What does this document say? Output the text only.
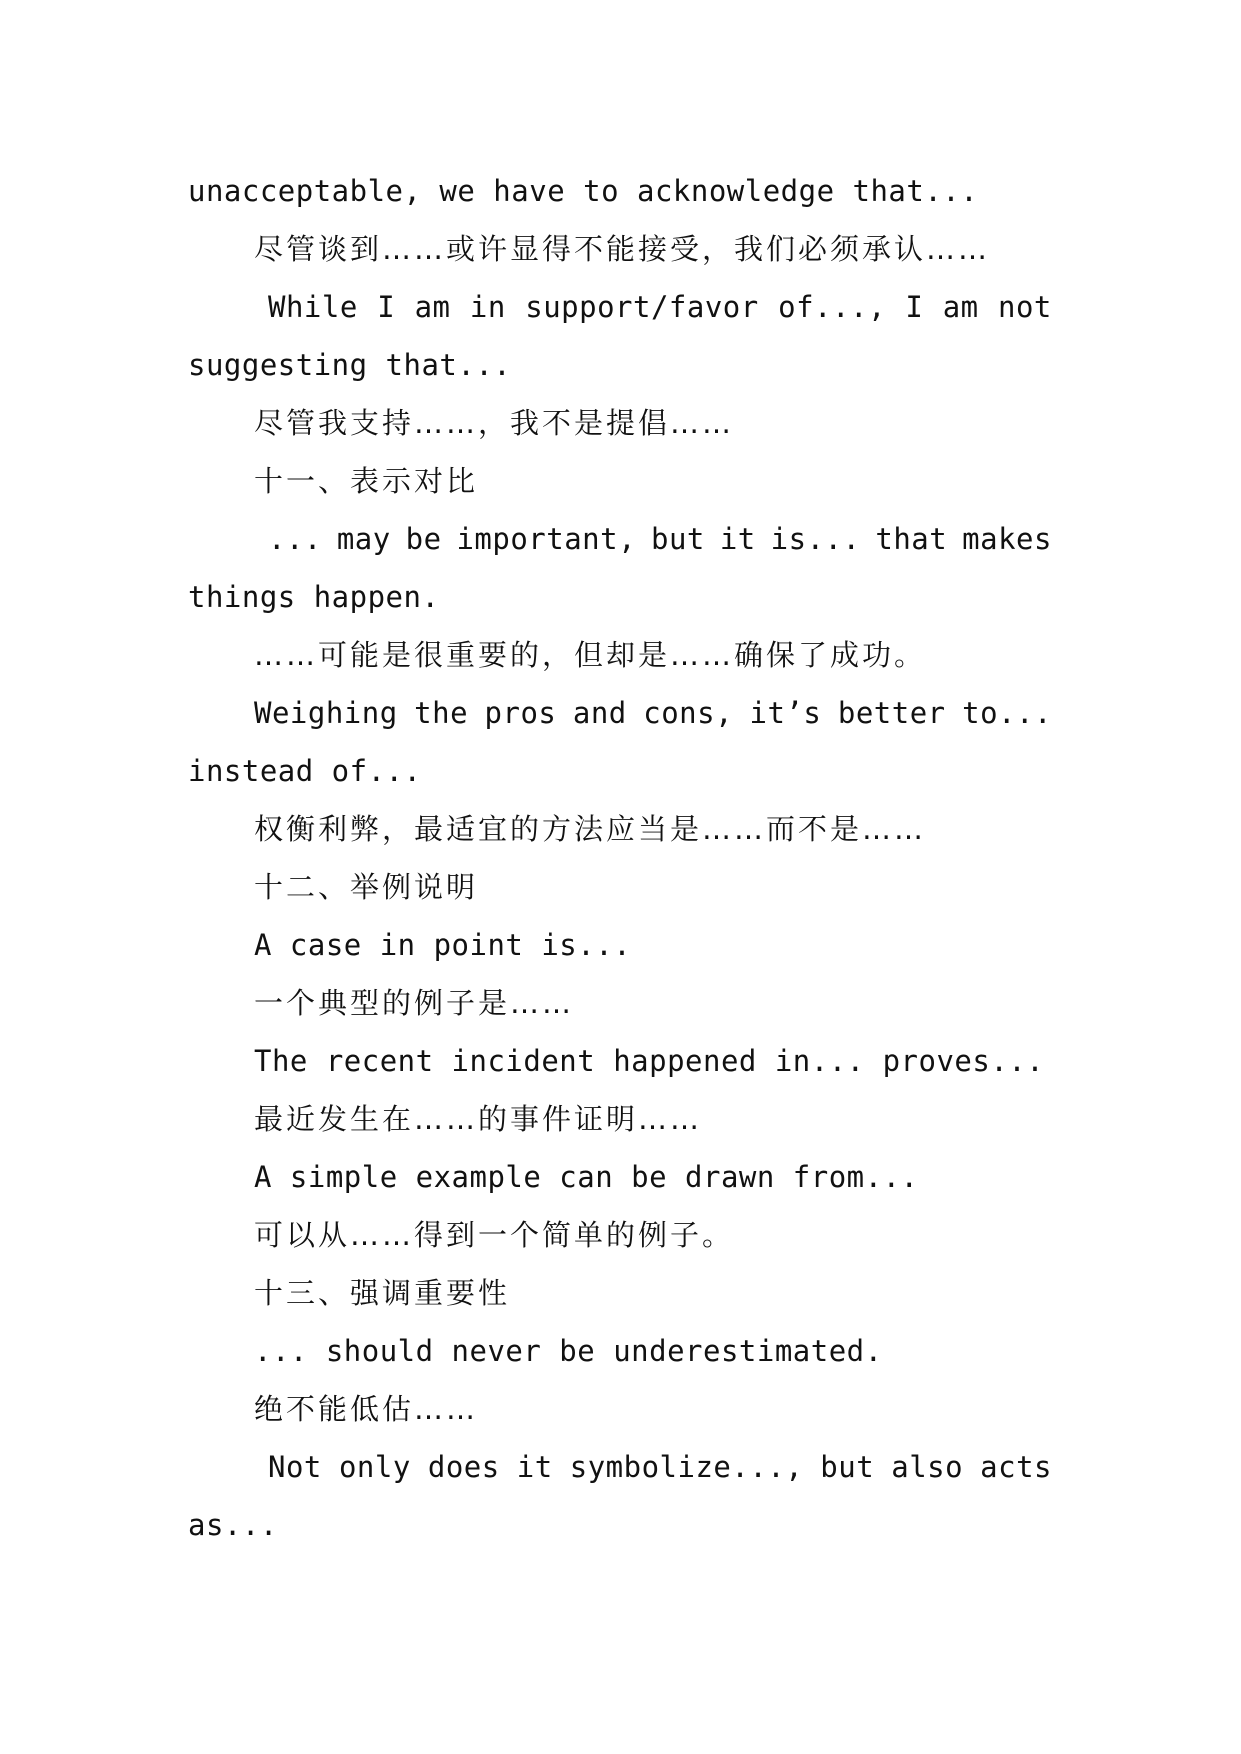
unacceptable, we have to acknowledge that...
尽管谈到……或许显得不能接受，我们必须承认……
While I am in support/favor of..., I am not
suggesting that...
尽管我支持……，我不是提倡……
十一、表示对比
... may be important, but it is... that makes
things happen.
……可能是很重要的，但却是……确保了成功。
Weighing the pros and cons, it’s better to...
instead of...
权衡利弊，最适宜的方法应当是……而不是……
十二、举例说明
A case in point is...
一个典型的例子是……
The recent incident happened in... proves...
最近发生在……的事件证明……
A simple example can be drawn from...
可以从……得到一个简单的例子。
十三、强调重要性
... should never be underestimated.
绝不能低估……
Not only does it symbolize..., but also acts
as...
